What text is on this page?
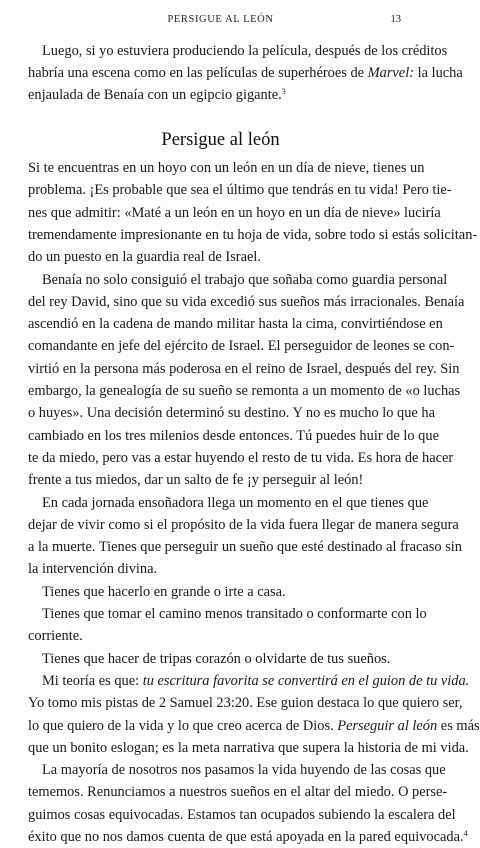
PERSIGUE AL LEÓN	13
Luego, si yo estuviera produciendo la película, después de los créditos
habría una escena como en las películas de superhéroes de Marvel: la lucha
enjaulada de Benaía con un egipcio gigante.$^3$
Persigue al león
Si te encuentras en un hoyo con un león en un día de nieve, tienes un
problema. ¡Es probable que sea el último que tendrás en tu vida! Pero tie-
nes que admitir: «Maté a un león en un hoyo en un día de nieve» luciría
tremendamente impresionante en tu hoja de vida, sobre todo si estás solicitan-
do un puesto en la guardia real de Israel.
Benaía no solo consiguió el trabajo que soñaba como guardia personal
del rey David, sino que su vida excedió sus sueños más irracionales. Benaía
ascendió en la cadena de mando militar hasta la cima, convirtiéndose en
comandante en jefe del ejército de Israel. El perseguidor de leones se con-
virtió en la persona más poderosa en el reino de Israel, después del rey. Sin
embargo, la genealogía de su sueño se remonta a un momento de «o luchas
o huyes». Una decisión determinó su destino. Y no es mucho lo que ha
cambiado en los tres milenios desde entonces. Tú puedes huir de lo que
te da miedo, pero vas a estar huyendo el resto de tu vida. Es hora de hacer
frente a tus miedos, dar un salto de fe ¡y perseguir al león!
En cada jornada ensoñadora llega un momento en el que tienes que
dejar de vivir como si el propósito de la vida fuera llegar de manera segura
a la muerte. Tienes que perseguir un sueño que esté destinado al fracaso sin
la intervención divina.
Tienes que hacerlo en grande o irte a casa.
Tienes que tomar el camino menos transitado o conformarte con lo
corriente.
Tienes que hacer de tripas corazón o olvidarte de tus sueños.
Mi teoría es que: tu escritura favorita se convertirá en el guion de tu vida.
Yo tomo mis pistas de 2 Samuel 23:20. Ese guion destaca lo que quiero ser,
lo que quiero de la vida y lo que creo acerca de Dios. Perseguir al león es más
que un bonito eslogan; es la meta narrativa que supera la historia de mi vida.
La mayoría de nosotros nos pasamos la vida huyendo de las cosas que
tememos. Renunciamos a nuestros sueños en el altar del miedo. O perse-
guimos cosas equivocadas. Estamos tan ocupados subiendo la escalera del
éxito que no nos damos cuenta de que está apoyada en la pared equivocada.$^4$
